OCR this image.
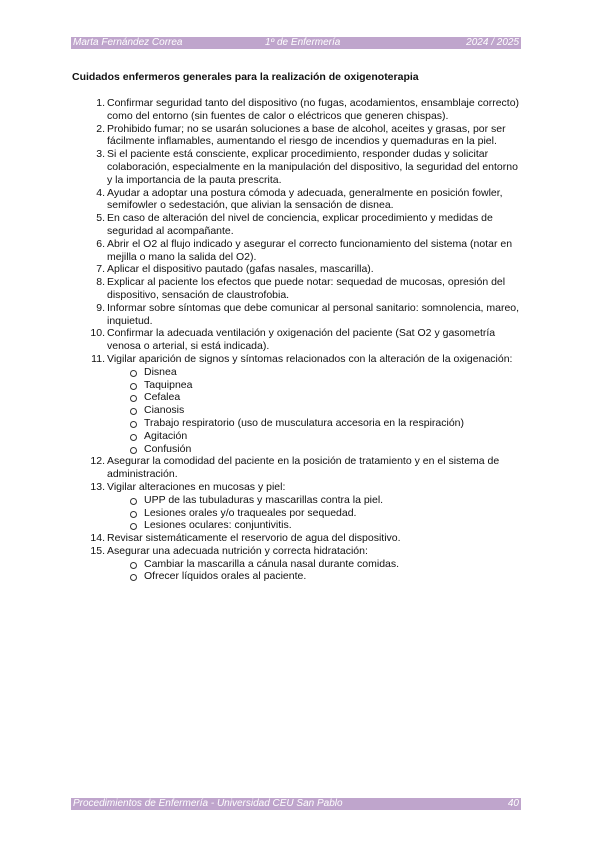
Marta Fernández Correa	1º de Enfermería	2024 / 2025
Cuidados enfermeros generales para la realización de oxigenoterapia
1 . Confirmar seguridad tanto del dispositivo (no fugas, acodamientos, ensamblaje correcto) como del entorno (sin fuentes de calor o eléctricos que generen chispas).
2 . Prohibido fumar; no se usarán soluciones a base de alcohol, aceites y grasas, por ser fácilmente inflamables, aumentando el riesgo de incendios y quemaduras en la piel.
3 . Si el paciente está consciente, explicar procedimiento, responder dudas y solicitar colaboración, especialmente en la manipulación del dispositivo, la seguridad del entorno y la importancia de la pauta prescrita.
4 . Ayudar a adoptar una postura cómoda y adecuada, generalmente en posición fowler, semifowler o sedestación, que alivian la sensación de disnea.
5 . En caso de alteración del nivel de conciencia, explicar procedimiento y medidas de seguridad al acompañante.
6 . Abrir el O2 al flujo indicado y asegurar el correcto funcionamiento del sistema (notar en mejilla o mano la salida del O2).
7 . Aplicar el dispositivo pautado (gafas nasales, mascarilla).
8 . Explicar al paciente los efectos que puede notar: sequedad de mucosas, opresión del dispositivo, sensación de claustrofobia.
9 . Informar sobre síntomas que debe comunicar al personal sanitario: somnolencia, mareo, inquietud.
10 . Confirmar la adecuada ventilación y oxigenación del paciente (Sat O2 y gasometría venosa o arterial, si está indicada).
11 . Vigilar aparición de signos y síntomas relacionados con la alteración de la oxigenación:
Disnea
Taquipnea
Cefalea
Cianosis
Trabajo respiratorio (uso de musculatura accesoria en la respiración)
Agitación
Confusión
12 . Asegurar la comodidad del paciente en la posición de tratamiento y en el sistema de administración.
13 . Vigilar alteraciones en mucosas y piel:
UPP de las tubuladuras y mascarillas contra la piel.
Lesiones orales y/o traqueales por sequedad.
Lesiones oculares: conjuntivitis.
14 . Revisar sistemáticamente el reservorio de agua del dispositivo.
15 . Asegurar una adecuada nutrición y correcta hidratación:
Cambiar la mascarilla a cánula nasal durante comidas.
Ofrecer líquidos orales al paciente.
Procedimientos de Enfermería - Universidad CEU San Pablo	40
